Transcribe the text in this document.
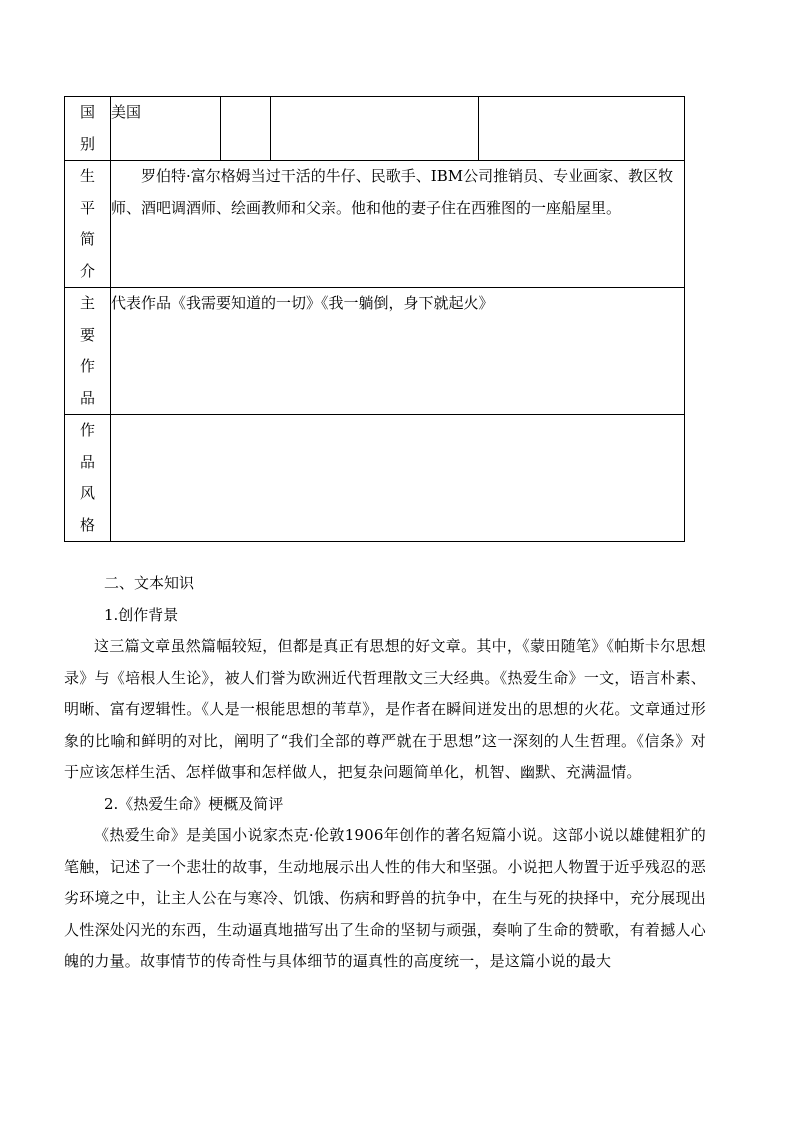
国
别	美国			

生
平
简
介	罗伯特·富尔格姆当过干活的牛仔、民歌手、IBM公司推销员、专业画家、教区牧师、酒吧调酒师、绘画教师和父亲。他和他的妻子住在西雅图的一座船屋里。			

主
要
作
品	代表作品《我需要知道的一切》《我一躺倒，身下就起火》			

作
品
风
格				

二、文本知识

1.创作背景

这三篇文章虽然篇幅较短，但都是真正有思想的好文章。其中，《蒙田随笔》《帕斯卡尔思想录》与《培根人生论》，被人们誉为欧洲近代哲理散文三大经典。《热爱生命》一文，语言朴素、明晰、富有逻辑性。《人是一根能思想的苇草》，是作者在瞬间迸发出的思想的火花。文章通过形象的比喻和鲜明的对比，阐明了“我们全部的尊严就在于思想”这一深刻的人生哲理。《信条》对于应该怎样生活、怎样做事和怎样做人，把复杂问题简单化，机智、幽默、充满温情。

2.《热爱生命》梗概及简评

《热爱生命》是美国小说家杰克·伦敦1906年创作的著名短篇小说。这部小说以雄健粗犷的笔触，记述了一个悲壮的故事，生动地展示出人性的伟大和坚强。小说把人物置于近乎残忍的恶劣环境之中，让主人公在与寒冷、饥饿、伤病和野兽的抗争中，在生与死的抉择中，充分展现出人性深处闪光的东西，生动逼真地描写出了生命的坚韧与顽强，奏响了生命的赞歌，有着撼人心魄的力量。故事情节的传奇性与具体细节的逼真性的高度统一，是这篇小说的最大
